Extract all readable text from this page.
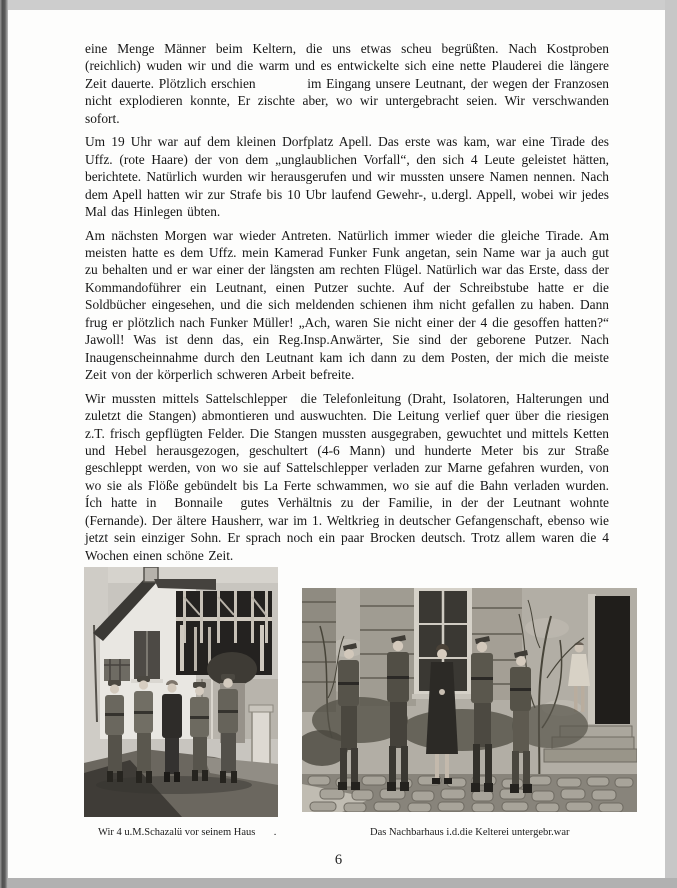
eine Menge Männer beim Keltern, die uns etwas scheu begrüßten. Nach Kostproben (reichlich) wuden wir und die warm und es entwickelte sich eine nette Plauderei die längere Zeit dauerte. Plötzlich erschien           im Eingang unsere Leutnant, der wegen der Franzosen nicht explodieren konnte, Er zischte aber, wo wir untergebracht seien. Wir verschwanden sofort.

Um 19 Uhr war auf dem kleinen Dorfplatz Apell. Das erste was kam, war eine Tirade des Uffz. (rote Haare) der von dem „unglaublichen Vorfall“, den sich 4 Leute geleistet hätten, berichtete. Natürlich wurden wir herausgerufen und wir mussten unsere Namen nennen. Nach dem Apell hatten wir zur Strafe bis 10 Ubr laufend Gewehr-, u.dergl. Appell, wobei wir jedes Mal das Hinlegen übten.

Am nächsten Morgen war wieder Antreten. Natürlich immer wieder die gleiche Tirade. Am meisten hatte es dem Uffz. mein Kamerad Funker Funk angetan, sein Name war ja auch gut zu behalten und er war einer der längsten am rechten Flügel. Natürlich war das Erste, dass der Kommandoführer ein Leutnant, einen Putzer suchte. Auf der Schreibstube hatte er die Soldbücher eingesehen, und die sich meldenden schienen ihm nicht gefallen zu haben. Dann frug er plötzlich nach Funker Müller! „Ach, waren Sie nicht einer der 4 die gesoffen hatten?“ Jawoll! Was ist denn das, ein Reg.Insp.Anwärter, Sie sind der geborene Putzer. Nach Inaugenscheinnahme durch den Leutnant kam ich dann zu dem Posten, der mich die meiste Zeit von der körperlich schweren Arbeit befreite.

Wir mussten mittels Sattelschlepper  die Telefonleitung (Draht, Isolatoren, Halterungen und zuletzt die Stangen) abmontieren und auswuchten. Die Leitung verlief quer über die riesigen z.T. frisch gepflügten Felder. Die Stangen mussten ausgegraben, gewuchtet und mittels Ketten und Hebel herausgezogen, geschultert (4-6 Mann) und hunderte Meter bis zur Straße geschleppt werden, von wo sie auf Sattelschlepper verladen zur Marne gefahren wurden, von wo sie als Flöße gebündelt bis La Ferte schwammen, wo sie auf die Bahn verladen wurden. Ích hatte in  Bonnaile  gutes Verhältnis zu der Familie, in der der Leutnant wohnte (Fernande). Der ältere Hausherr, war im 1. Weltkrieg in deutscher Gefangenschaft, ebenso wie jetzt sein einziger Sohn. Er sprach noch ein paar Brocken deutsch. Trotz allem waren die 4 Wochen einen schöne Zeit.

Wir 4 u.M.Schazalü vor seinem Haus       .	Das Nachbarhaus i.d.die Kelterei untergebr.war
6
